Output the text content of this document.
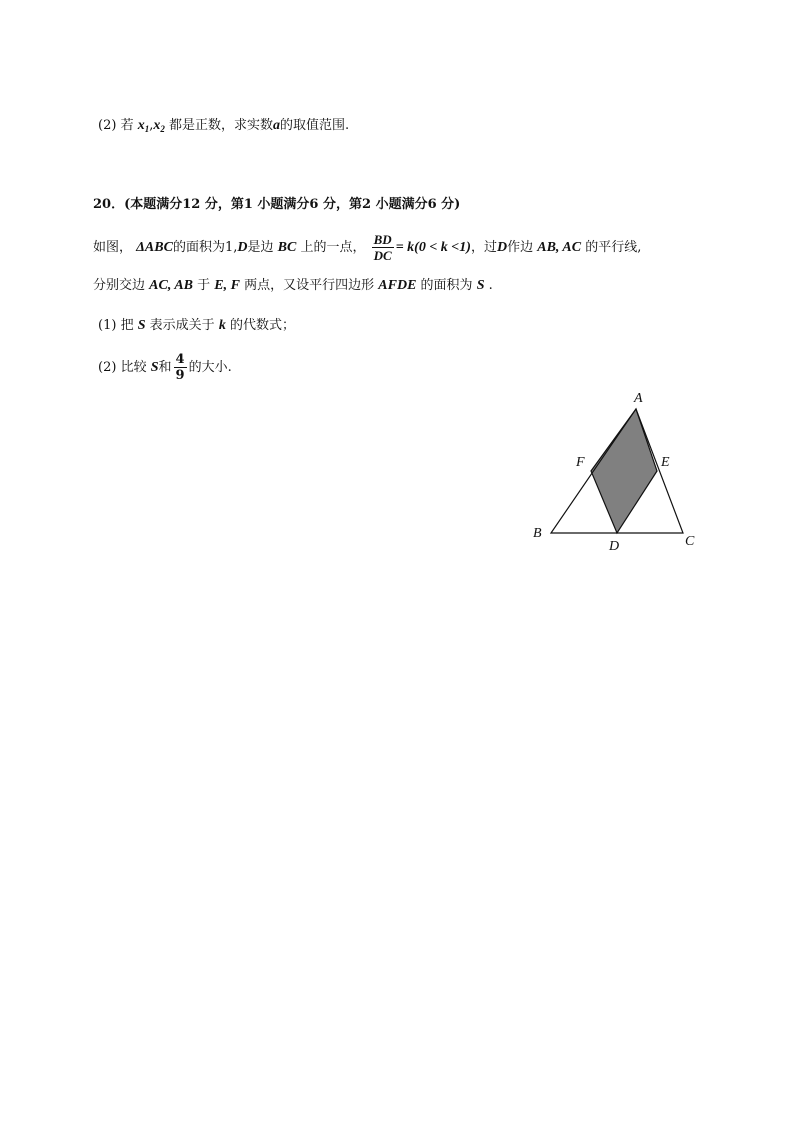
(2) 若 $x_1,x_2$ 都是正数，求实数a的取值范围.
20．(本题满分12 分，第1 小题满分6 分，第2 小题满分6 分)
如图， ΔABC的面积为1,D是边 BC 上的一点， $\frac{BD}{DC} = k(0 < k <1)$，过D作边 AB, AC 的平行线,
分别交边 AC, AB 于 E, F 两点，又设平行四边形 AFDE 的面积为 S .
(1) 把 S 表示成关于 k 的代数式；
(2) 比较 S和 $\frac{4}{9}$ 的大小.
A
B
C
D
E
F
